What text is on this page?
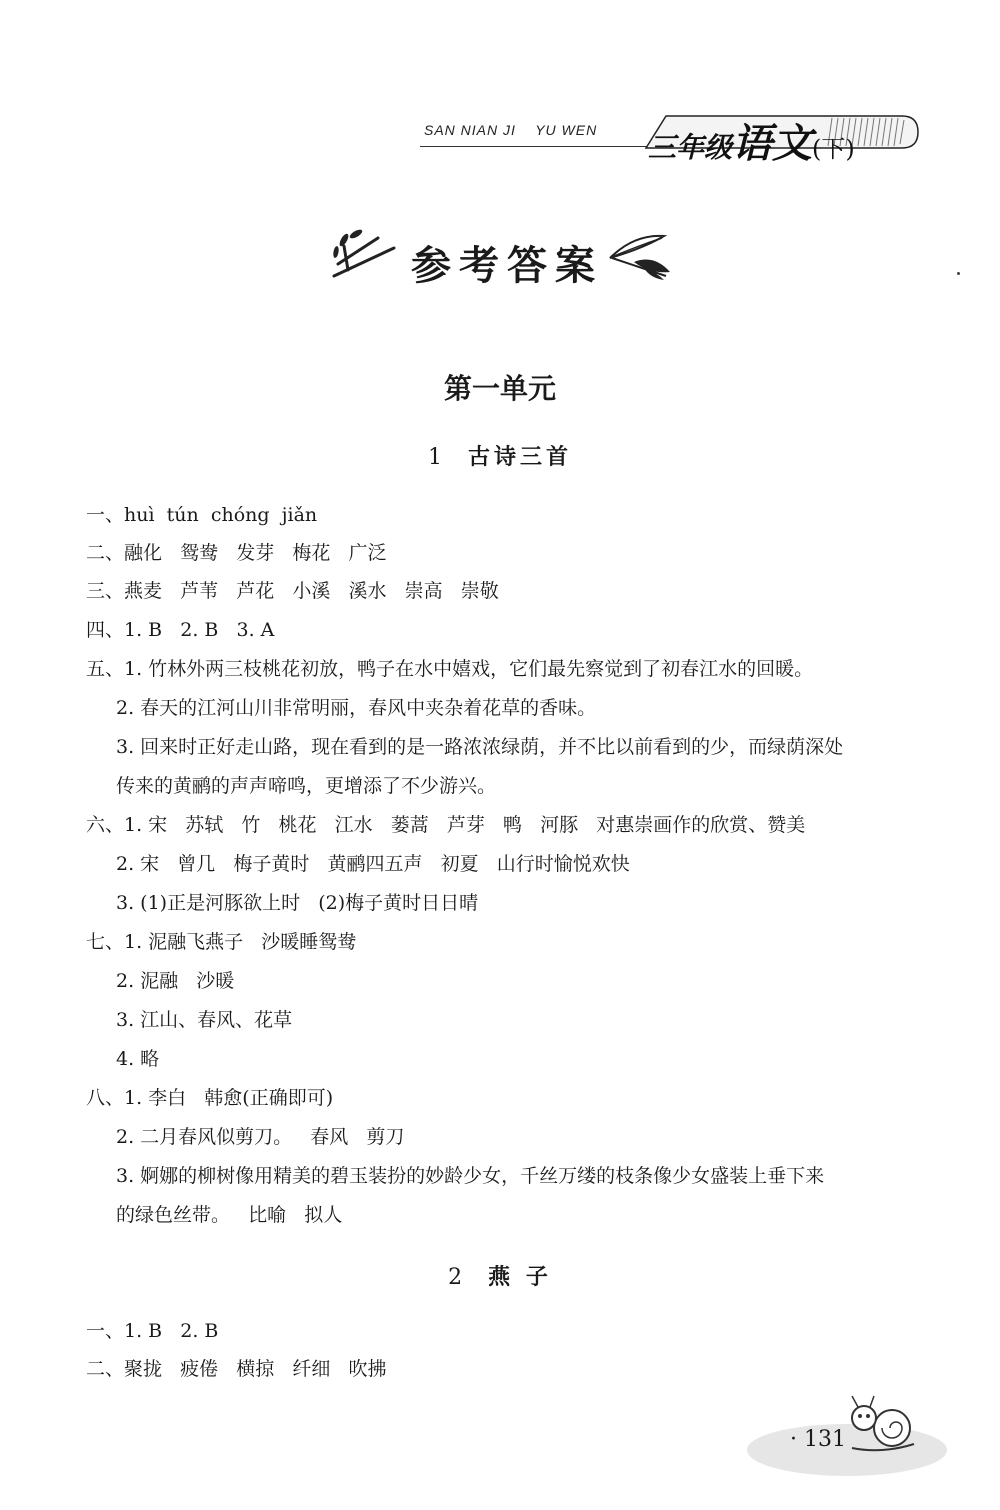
SAN NIAN JI    YU WEN
三年级语文(下)
参考答案
第一单元
1 古诗三首
一、huì  tún  chóng  jiǎn
二、融化   鸳鸯   发芽   梅花   广泛
三、燕麦   芦苇   芦花   小溪   溪水   崇高   崇敬
四、1. B   2. B   3. A
五、1. 竹林外两三枝桃花初放，鸭子在水中嬉戏，它们最先察觉到了初春江水的回暖。
2. 春天的江河山川非常明丽，春风中夹杂着花草的香味。
3. 回来时正好走山路，现在看到的是一路浓浓绿荫，并不比以前看到的少，而绿荫深处
传来的黄鹂的声声啼鸣，更增添了不少游兴。
六、1. 宋   苏轼   竹   桃花   江水   蒌蒿   芦芽   鸭   河豚   对惠崇画作的欣赏、赞美
2. 宋   曾几   梅子黄时   黄鹂四五声   初夏   山行时愉悦欢快
3. (1)正是河豚欲上时   (2)梅子黄时日日晴
七、1. 泥融飞燕子   沙暖睡鸳鸯
2. 泥融   沙暖
3. 江山、春风、花草
4. 略
八、1. 李白   韩愈(正确即可)
2. 二月春风似剪刀。   春风   剪刀
3. 婀娜的柳树像用精美的碧玉装扮的妙龄少女，千丝万缕的枝条像少女盛装上垂下来
的绿色丝带。   比喻   拟人
2 燕 子
一、1. B   2. B
二、聚拢   疲倦   横掠   纤细   吹拂
· 131
